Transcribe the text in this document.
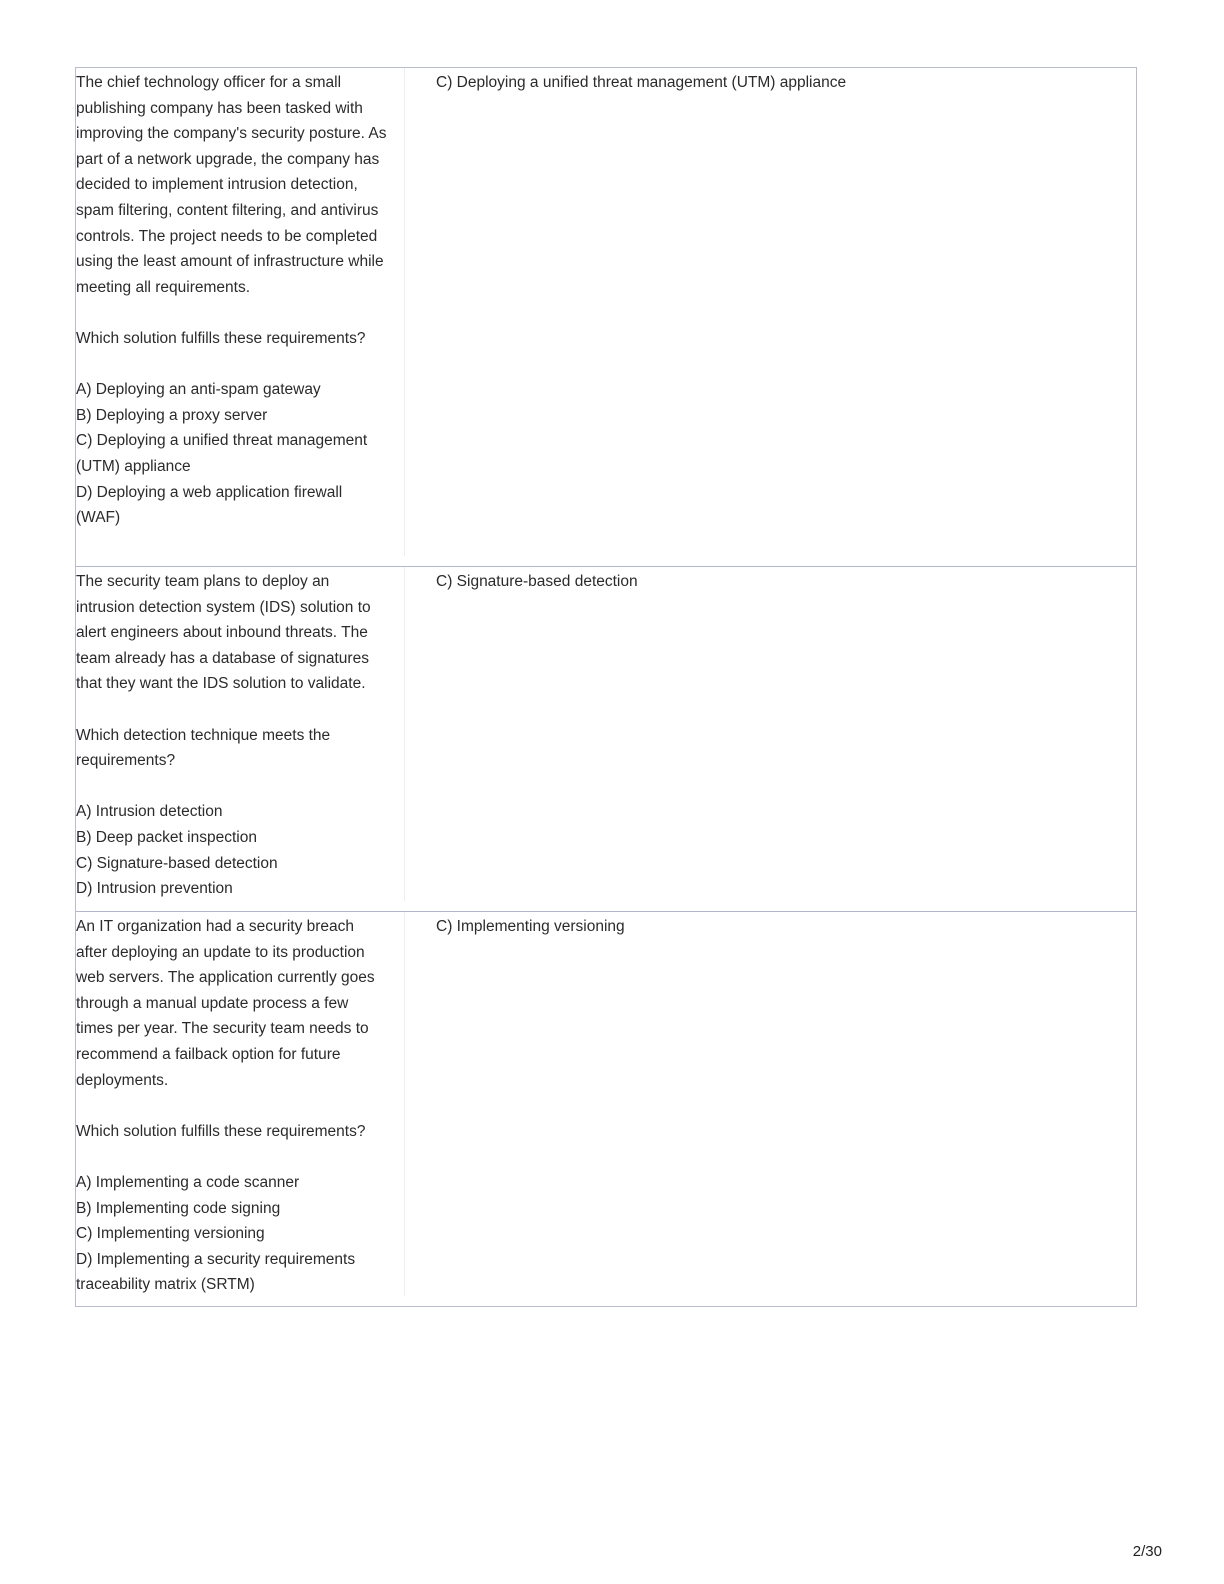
The chief technology officer for a small publishing company has been tasked with improving the company's security posture. As part of a network upgrade, the company has decided to implement intrusion detection, spam filtering, content filtering, and antivirus controls. The project needs to be completed using the least amount of infrastructure while meeting all requirements.

Which solution fulfills these requirements?

A) Deploying an anti-spam gateway
B) Deploying a proxy server
C) Deploying a unified threat management (UTM) appliance
D) Deploying a web application firewall (WAF)
C) Deploying a unified threat management (UTM) appliance

The security team plans to deploy an intrusion detection system (IDS) solution to alert engineers about inbound threats. The team already has a database of signatures that they want the IDS solution to validate.

Which detection technique meets the requirements?

A) Intrusion detection
B) Deep packet inspection
C) Signature-based detection
D) Intrusion prevention
C) Signature-based detection

An IT organization had a security breach after deploying an update to its production web servers. The application currently goes through a manual update process a few times per year. The security team needs to recommend a failback option for future deployments.

Which solution fulfills these requirements?

A) Implementing a code scanner
B) Implementing code signing
C) Implementing versioning
D) Implementing a security requirements traceability matrix (SRTM)
C) Implementing versioning
2/30
